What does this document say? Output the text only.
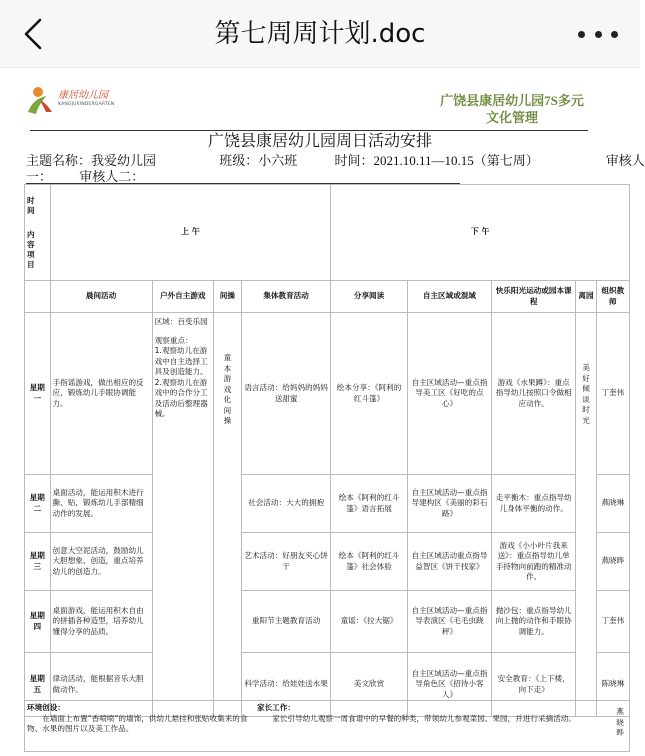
第七周周计划.doc
康居幼儿园
KANGJUKINDERGARTEN	广饶县康居幼儿园7S多元
文化管理
广饶县康居幼儿园周日活动安排
主题名称：我爱幼儿园	班级：小六班	时间：2021.10.11—10.15（第七周）	审核人
一： 审核人二：
时间
内容项目	上 午				下 午				
	晨间活动	户外自主游戏	间操	集体教育活动	分享阅读	自主区域或混域	快乐阳光运动或园本课程	离园	组织教师
星期一	手指谣游戏，做出相应的反应，锻炼幼儿手眼协调能力。	区域：百变乐园
观察重点：
1.观察幼儿在游戏中自主选择工具及创造能力。
2.观察幼儿在游戏中的合作分工及活动后整理器械。	童本游戏化间操	语言活动：给妈妈的妈妈送甜蜜	绘本分享：《阿利的红斗篷》	自主区域活动—重点指导美工区《好吃的点心》	游戏《水果蹲》：重点指导幼儿按照口令做相应动作。	美好倾谈时光	丁奎伟
星期二	桌面活动，能运用积木进行撕、贴，锻炼幼儿手部精细动作的发展。			社会活动：大大的拥抱	绘本《阿利的红斗篷》语言拓展	自主区域活动—重点指导建构区《美丽的彩石路》	走平衡木：重点指导幼儿身体平衡的动作。		燕晓琳
星期三	创意大空泥活动，鼓励幼儿大胆想象、创造，重点培养幼儿的创造力。			艺术活动：好朋友夹心饼干	绘本《阿利的红斗篷》社会体验	自主区域活动重点指导益智区《饼干找家》	游戏《小小叶片我来送》：重点指导幼儿单手持物向前跑的精准动作。		燕晓晔
星期四	桌面游戏，能运用积木自由的拼插各种造型，培养幼儿懂得分享的品质。			重阳节主题教育活动	童谣：《拉大锯》	自主区域活动—重点指导表演区《毛毛虫跷秤》	抛沙包：重点指导幼儿向上抛的动作和手眼协调能力。		丁奎伟
星期五	律动活动，能根据音乐大胆做动作。			科学活动：给娃娃送水果	美文欣赏	自主区域活动—重点指导角色区《招待小客人》	安全教育：《上下楼，向下走》		陈晓琳
环境创设：
在墙面上布置“香喷喷”的墙饰，供幼儿悬挂和张贴收集来的食物、水果的图片以及美工作品。
家长工作：
家长引导幼儿观察一周食谱中的早餐的种类，带领幼儿参观菜园、果园，并进行采摘活动。
燕晓晔
